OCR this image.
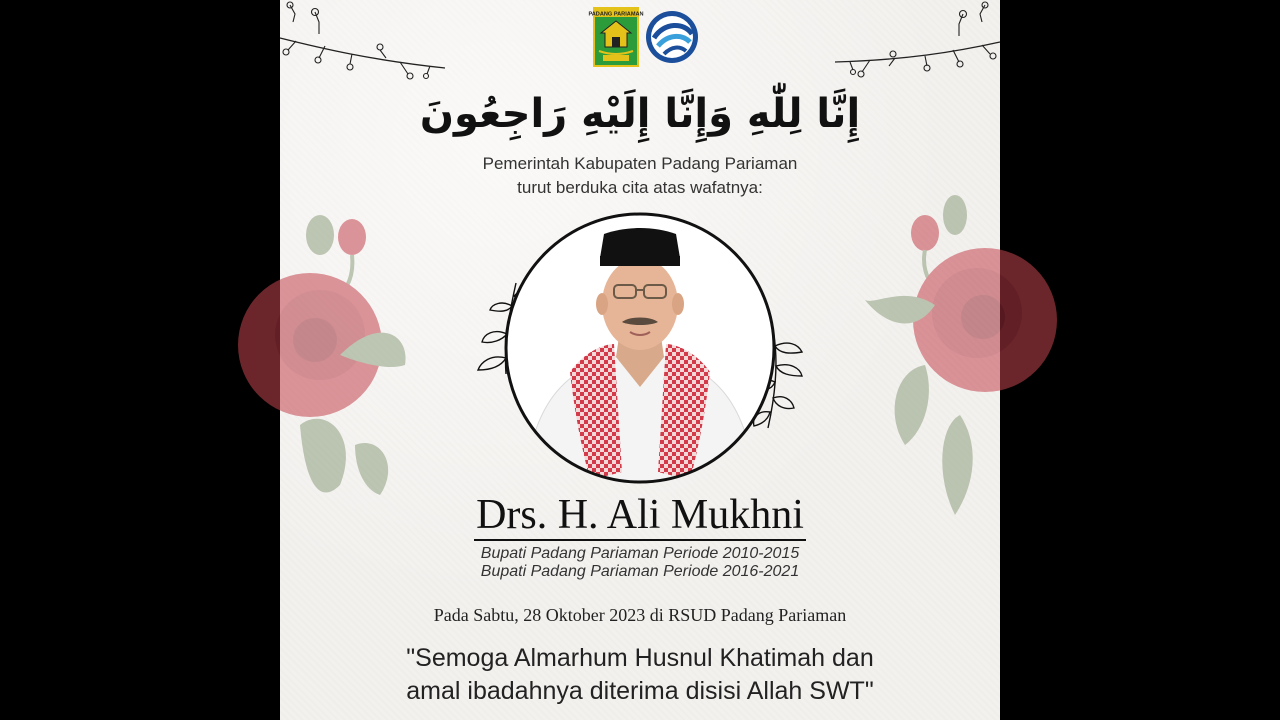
PADANG PARIAMAN
إِنَّا لِلّٰهِ وَإِنَّا إِلَيْهِ رَاجِعُونَ
Pemerintah Kabupaten Padang Pariaman
turut berduka cita atas wafatnya:
Drs. H. Ali Mukhni
Bupati Padang Pariaman Periode 2010-2015
Bupati Padang Pariaman Periode 2016-2021
Pada Sabtu, 28 Oktober 2023 di RSUD Padang Pariaman
"Semoga Almarhum Husnul Khatimah dan
amal ibadahnya diterima disisi Allah SWT"
